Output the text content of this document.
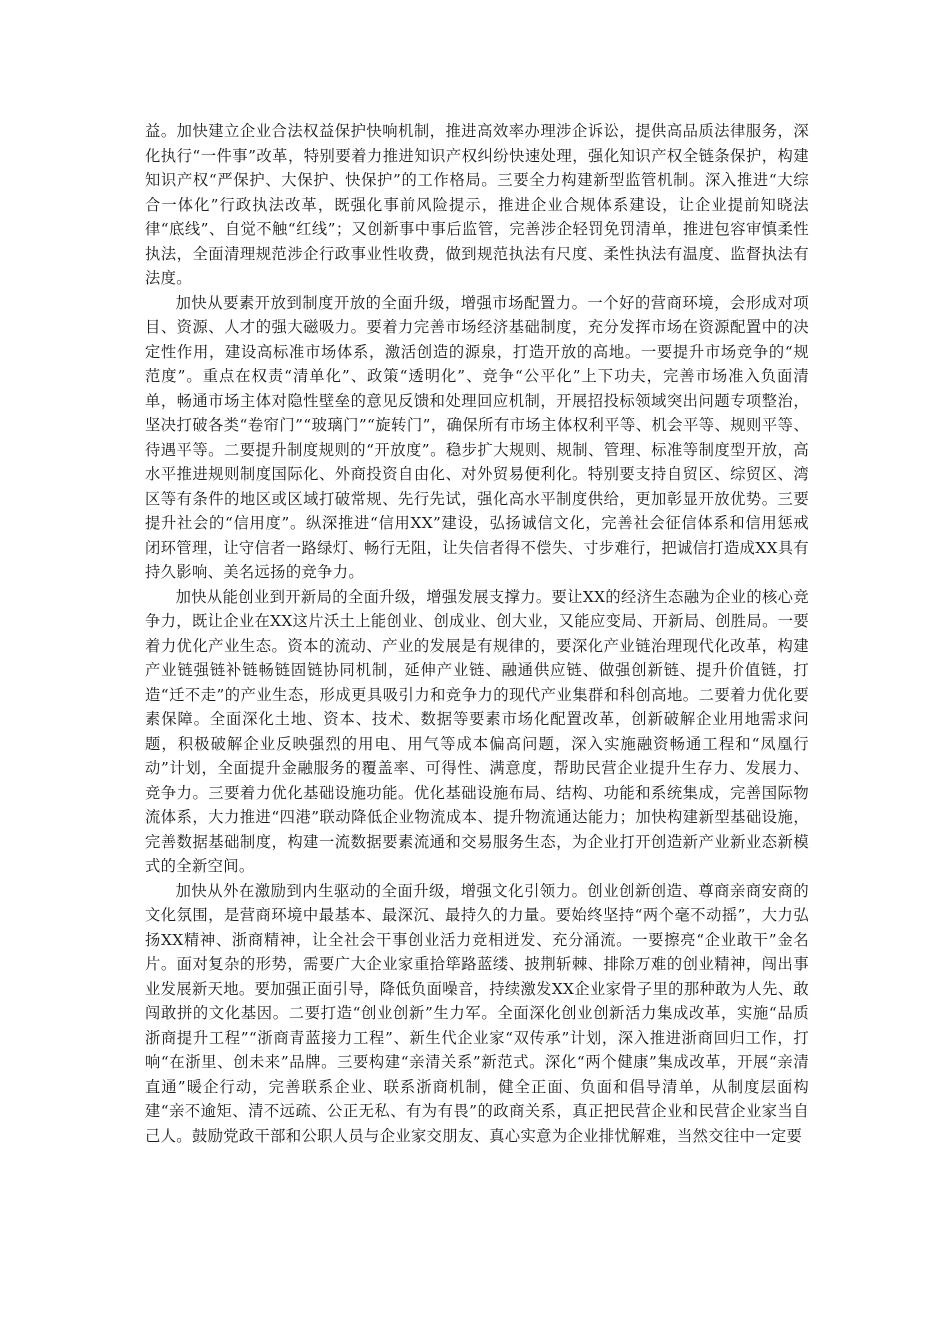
益。加快建立企业合法权益保护快响机制，推进高效率办理涉企诉讼，提供高品质法律服务，深化执行“一件事”改革，特别要着力推进知识产权纠纷快速处理，强化知识产权全链条保护，构建知识产权“严保护、大保护、快保护”的工作格局。三要全力构建新型监管机制。深入推进“大综合一体化”行政执法改革，既强化事前风险提示，推进企业合规体系建设，让企业提前知晓法律“底线”、自觉不触“红线”；又创新事中事后监管，完善涉企轻罚免罚清单，推进包容审慎柔性执法，全面清理规范涉企行政事业性收费，做到规范执法有尺度、柔性执法有温度、监督执法有法度。

加快从要素开放到制度开放的全面升级，增强市场配置力。一个好的营商环境，会形成对项目、资源、人才的强大磁吸力。要着力完善市场经济基础制度，充分发挥市场在资源配置中的决定性作用，建设高标准市场体系，激活创造的源泉，打造开放的高地。一要提升市场竞争的“规范度”。重点在权责“清单化”、政策“透明化”、竞争“公平化”上下功夫，完善市场准入负面清单，畅通市场主体对隐性壁垒的意见反馈和处理回应机制，开展招投标领域突出问题专项整治，坚决打破各类“卷帘门”“玻璃门”“旋转门”，确保所有市场主体权利平等、机会平等、规则平等、待遇平等。二要提升制度规则的“开放度”。稳步扩大规则、规制、管理、标准等制度型开放，高水平推进规则制度国际化、外商投资自由化、对外贸易便利化。特别要支持自贸区、综贸区、湾区等有条件的地区或区域打破常规、先行先试，强化高水平制度供给，更加彰显开放优势。三要提升社会的“信用度”。纵深推进“信用XX”建设，弘扬诚信文化，完善社会征信体系和信用惩戒闭环管理，让守信者一路绿灯、畅行无阻，让失信者得不偿失、寸步难行，把诚信打造成XX具有持久影响、美名远扬的竞争力。

加快从能创业到开新局的全面升级，增强发展支撑力。要让XX的经济生态融为企业的核心竞争力，既让企业在XX这片沃土上能创业、创成业、创大业，又能应变局、开新局、创胜局。一要着力优化产业生态。资本的流动、产业的发展是有规律的，要深化产业链治理现代化改革，构建产业链强链补链畅链固链协同机制，延伸产业链、融通供应链、做强创新链、提升价值链，打造“迁不走”的产业生态，形成更具吸引力和竞争力的现代产业集群和科创高地。二要着力优化要素保障。全面深化土地、资本、技术、数据等要素市场化配置改革，创新破解企业用地需求问题，积极破解企业反映强烈的用电、用气等成本偏高问题，深入实施融资畅通工程和“凤凰行动”计划，全面提升金融服务的覆盖率、可得性、满意度，帮助民营企业提升生存力、发展力、竞争力。三要着力优化基础设施功能。优化基础设施布局、结构、功能和系统集成，完善国际物流体系，大力推进“四港”联动降低企业物流成本、提升物流通达能力；加快构建新型基础设施，完善数据基础制度，构建一流数据要素流通和交易服务生态，为企业打开创造新产业新业态新模式的全新空间。

加快从外在激励到内生驱动的全面升级，增强文化引领力。创业创新创造、尊商亲商安商的文化氛围，是营商环境中最基本、最深沉、最持久的力量。要始终坚持“两个毫不动摇”，大力弘扬XX精神、浙商精神，让全社会干事创业活力竞相迸发、充分涌流。一要擦亮“企业敢干”金名片。面对复杂的形势，需要广大企业家重拾筚路蓝缕、披荆斩棘、排除万难的创业精神，闯出事业发展新天地。要加强正面引导，降低负面噪音，持续激发XX企业家骨子里的那种敢为人先、敢闯敢拼的文化基因。二要打造“创业创新”生力军。全面深化创业创新活力集成改革，实施“品质浙商提升工程”“浙商青蓝接力工程”、新生代企业家“双传承”计划，深入推进浙商回归工作，打响“在浙里、创未来”品牌。三要构建“亲清关系”新范式。深化“两个健康”集成改革，开展“亲清直通”暖企行动，完善联系企业、联系浙商机制，健全正面、负面和倡导清单，从制度层面构建“亲不逾矩、清不远疏、公正无私、有为有畏”的政商关系，真正把民营企业和民营企业家当自己人。鼓励党政干部和公职人员与企业家交朋友、真心实意为企业排忧解难，当然交往中一定要
